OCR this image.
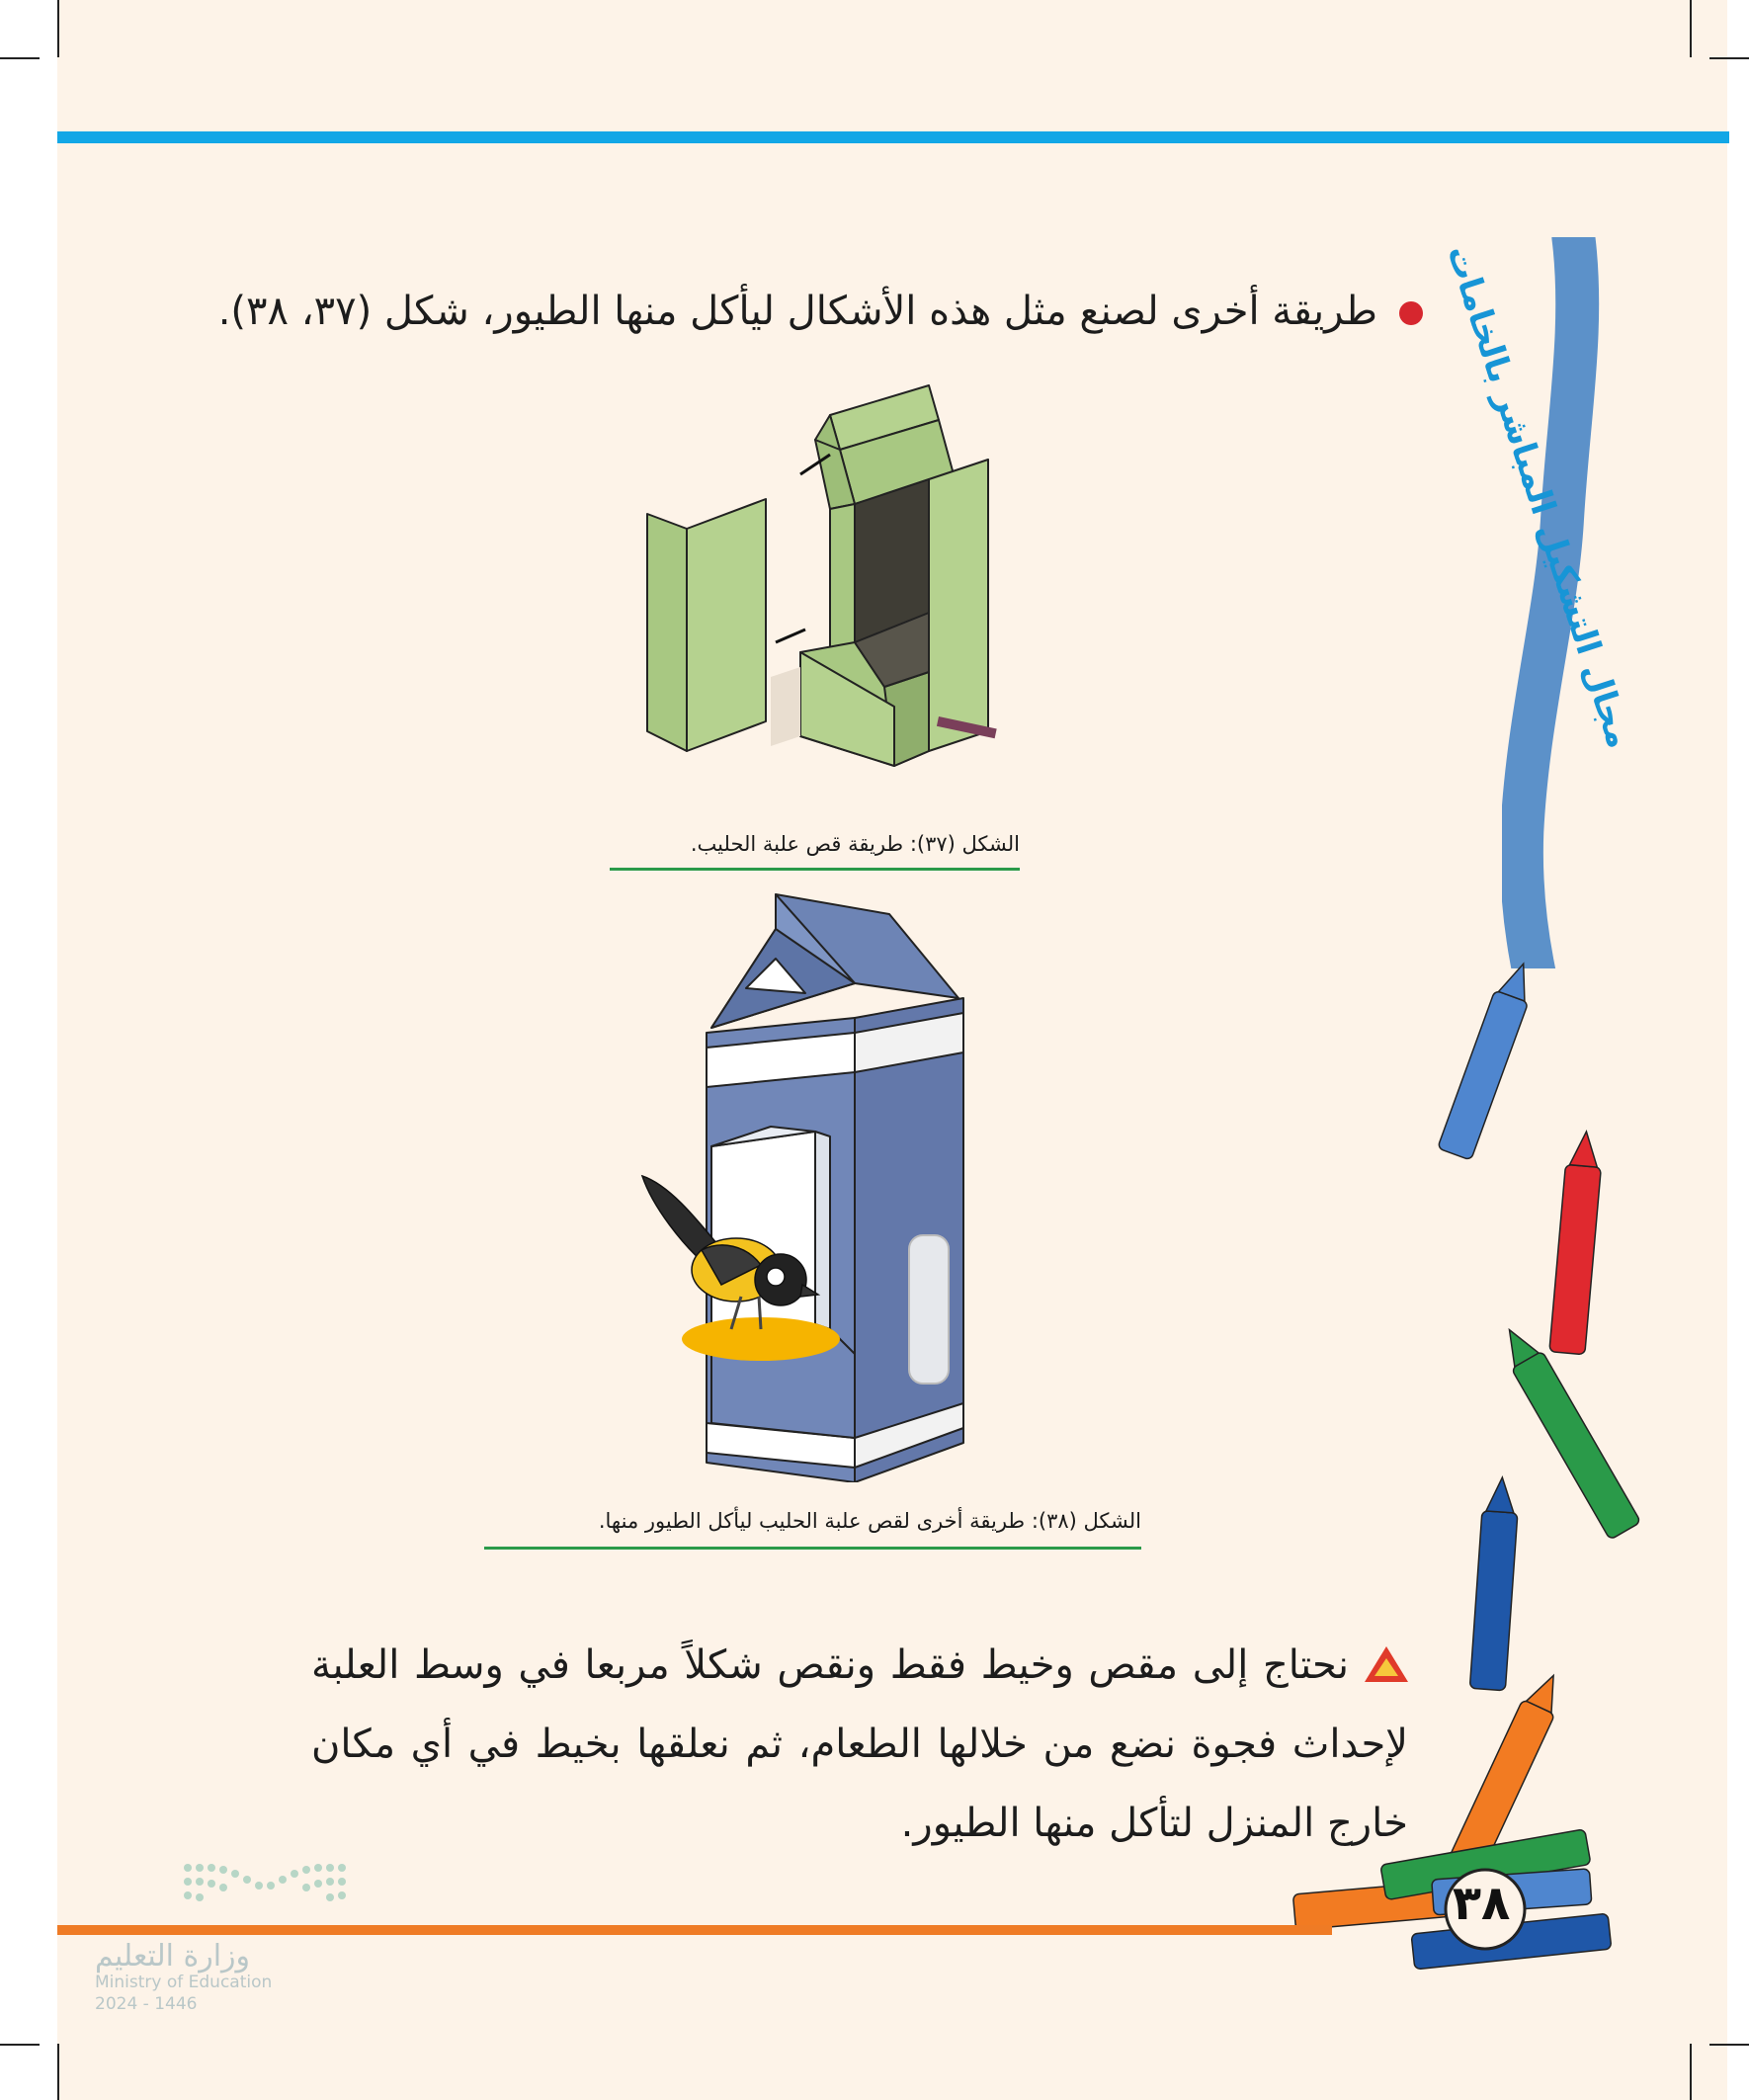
مجال التشكيل المباشر بالخامات
طريقة أخرى لصنع مثل هذه الأشكال ليأكل منها الطيور، شكل (٣٧، ٣٨).
الشكل (٣٧): طريقة قص علبة الحليب.
الشكل (٣٨): طريقة أخرى لقص علبة الحليب ليأكل الطيور منها.
نحتاج إلى مقص وخيط فقط ونقص شكلاً مربعا في وسط العلبة لإحداث فجوة نضع من خلالها الطعام، ثم نعلقها بخيط في أي مكان خارج المنزل لتأكل منها الطيور.
٣٨
وزارة التعليم
Ministry of Education
2024 - 1446
